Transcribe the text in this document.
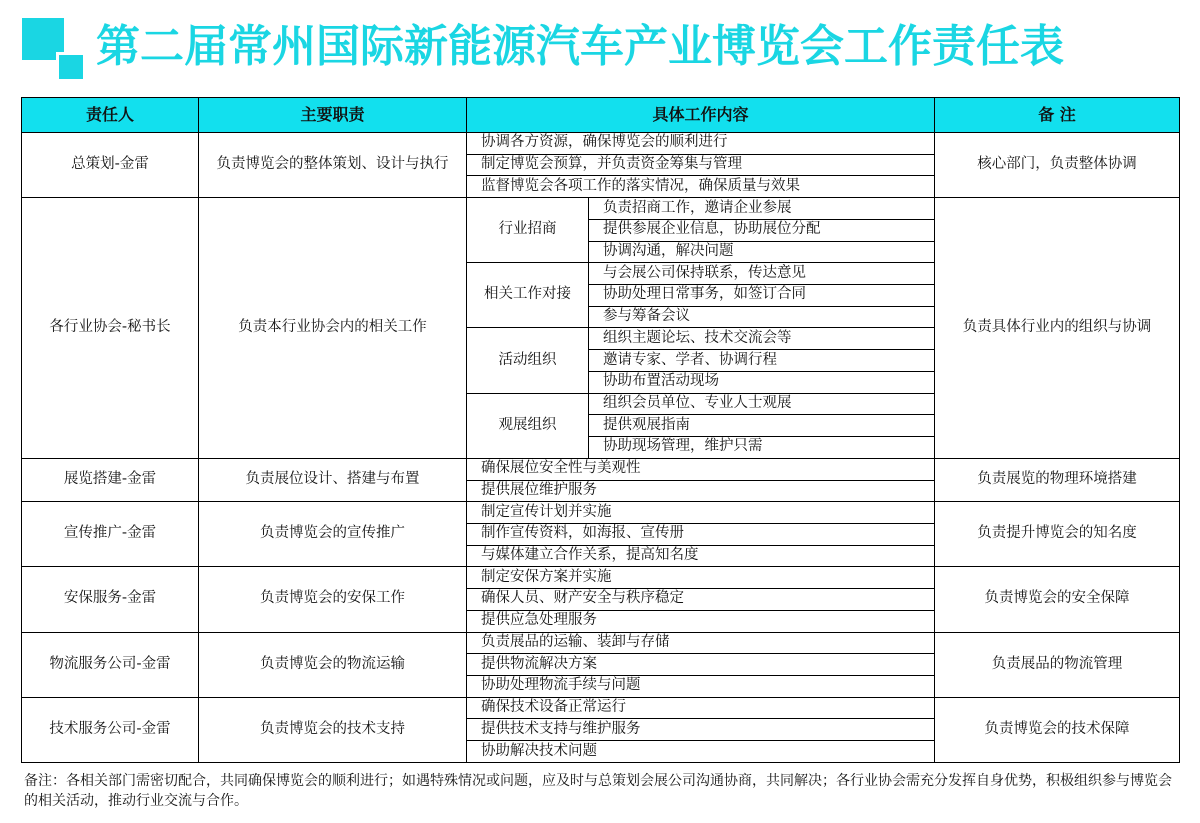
第二届常州国际新能源汽车产业博览会工作责任表
责任人	主要职责	具体工作内容		备 注
总策划-金雷	负责博览会的整体策划、设计与执行	协调各方资源，确保博览会的顺利进行		核心部门，负责整体协调
		制定博览会预算，并负责资金筹集与管理		
		监督博览会各项工作的落实情况，确保质量与效果		
各行业协会-秘书长	负责本行业协会内的相关工作	行业招商	负责招商工作，邀请企业参展	负责具体行业内的组织与协调
			提供参展企业信息，协助展位分配	
			协调沟通，解决问题	
		相关工作对接	与会展公司保持联系，传达意见	
			协助处理日常事务，如签订合同	
			参与筹备会议	
		活动组织	组织主题论坛、技术交流会等	
			邀请专家、学者、协调行程	
			协助布置活动现场	
		观展组织	组织会员单位、专业人士观展	
			提供观展指南	
			协助现场管理，维护只需	
展览搭建-金雷	负责展位设计、搭建与布置	确保展位安全性与美观性		负责展览的物理环境搭建
		提供展位维护服务		
宣传推广-金雷	负责博览会的宣传推广	制定宣传计划并实施		负责提升博览会的知名度
		制作宣传资料，如海报、宣传册		
		与媒体建立合作关系，提高知名度		
安保服务-金雷	负责博览会的安保工作	制定安保方案并实施		负责博览会的安全保障
		确保人员、财产安全与秩序稳定		
		提供应急处理服务		
物流服务公司-金雷	负责博览会的物流运输	负责展品的运输、装卸与存储		负责展品的物流管理
		提供物流解决方案		
		协助处理物流手续与问题		
技术服务公司-金雷	负责博览会的技术支持	确保技术设备正常运行		负责博览会的技术保障
		提供技术支持与维护服务		
		协助解决技术问题		
备注：各相关部门需密切配合，共同确保博览会的顺利进行；如遇特殊情况或问题，应及时与总策划会展公司沟通协商，共同解决；各行业协会需充分发挥自身优势，积极组织参与博览会的相关活动，推动行业交流与合作。
